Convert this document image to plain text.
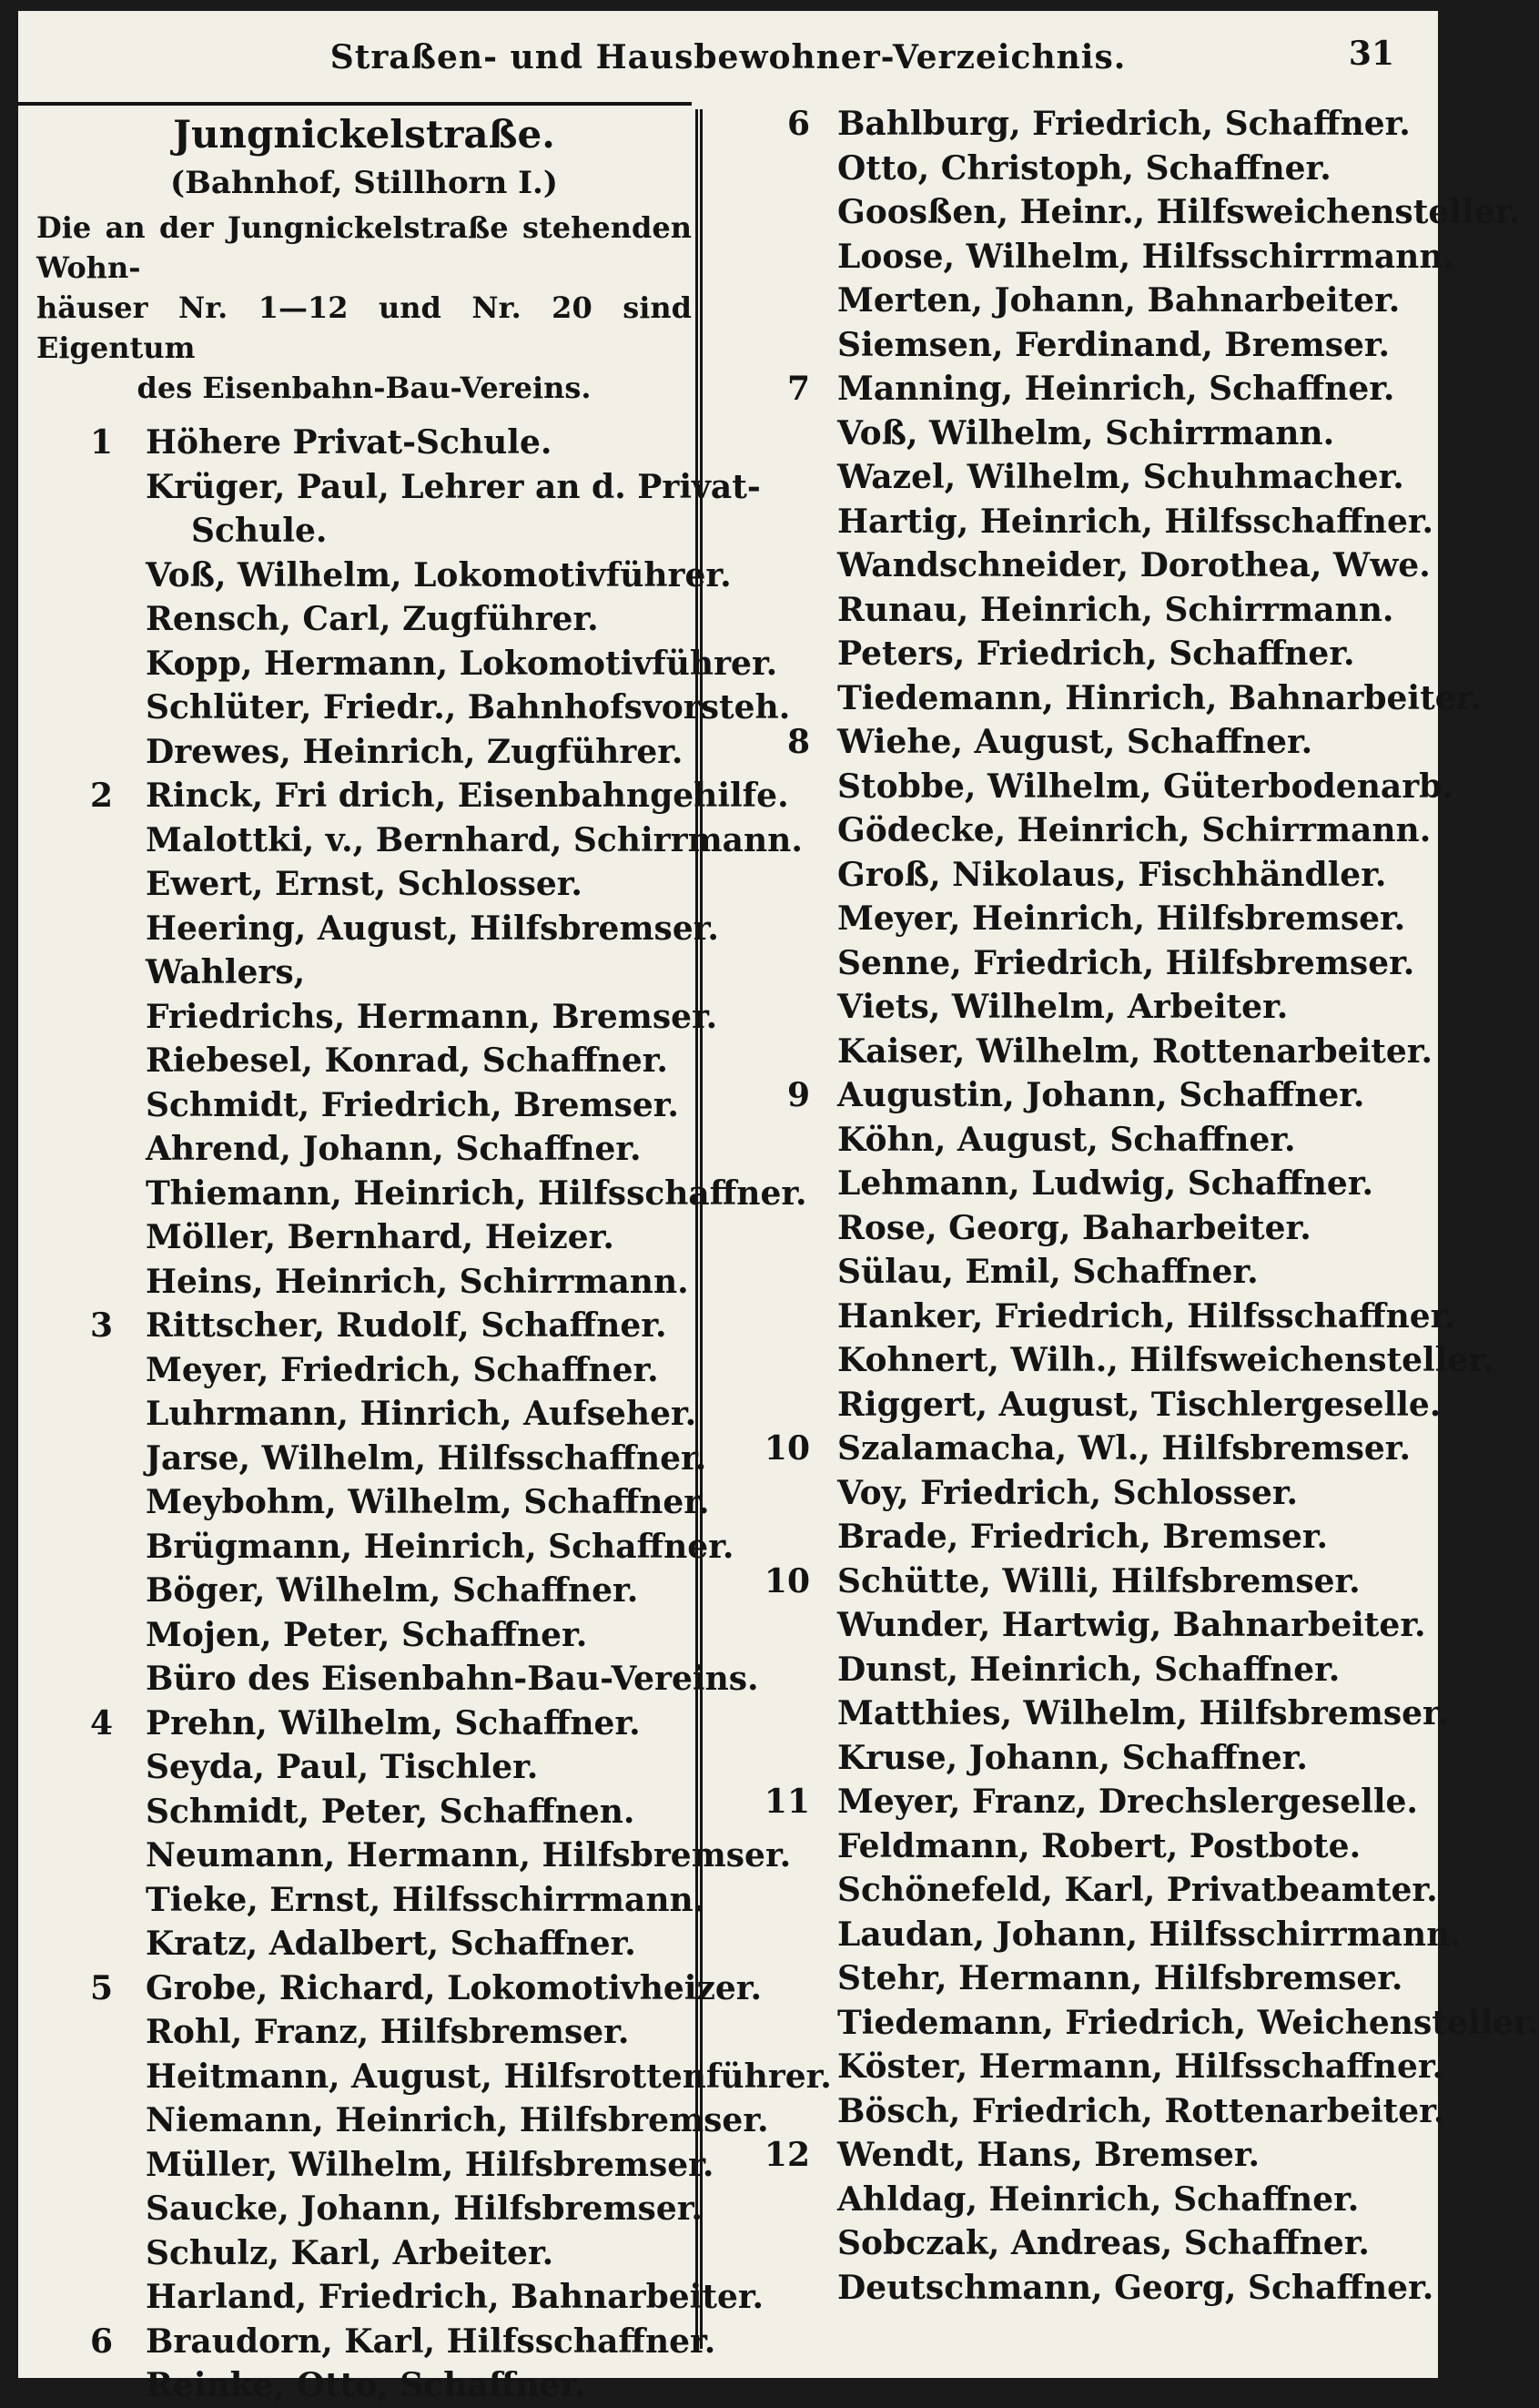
Straßen- und Hausbewohner-Verzeichnis.	31
Jungnickelstraße.
(Bahnhof, Stillhorn I.)
Die an der Jungnickelstraße stehenden Wohn-
häuser Nr. 1—12 und Nr. 20 sind Eigentum
des Eisenbahn-Bau-Vereins.
1 Höhere Privat-Schule.
Krüger, Paul, Lehrer an d. Privat-
Schule.
Voß, Wilhelm, Lokomotivführer.
Rensch, Carl, Zugführer.
Kopp, Hermann, Lokomotivführer.
Schlüter, Friedr., Bahnhofsvorsteh.
Drewes, Heinrich, Zugführer.
2 Rinck, Fri drich, Eisenbahngehilfe.
Malottki, v., Bernhard, Schirrmann.
Ewert, Ernst, Schlosser.
Heering, August, Hilfsbremser.
Wahlers,
Friedrichs, Hermann, Bremser.
Riebesel, Konrad, Schaffner.
Schmidt, Friedrich, Bremser.
Ahrend, Johann, Schaffner.
Thiemann, Heinrich, Hilfsschaffner.
Möller, Bernhard, Heizer.
Heins, Heinrich, Schirrmann.
3 Rittscher, Rudolf, Schaffner.
Meyer, Friedrich, Schaffner.
Luhrmann, Hinrich, Aufseher.
Jarse, Wilhelm, Hilfsschaffner.
Meybohm, Wilhelm, Schaffner.
Brügmann, Heinrich, Schaffner.
Böger, Wilhelm, Schaffner.
Mojen, Peter, Schaffner.
Büro des Eisenbahn-Bau-Vereins.
4 Prehn, Wilhelm, Schaffner.
Seyda, Paul, Tischler.
Schmidt, Peter, Schaffnen.
Neumann, Hermann, Hilfsbremser.
Tieke, Ernst, Hilfsschirrmann.
Kratz, Adalbert, Schaffner.
5 Grobe, Richard, Lokomotivheizer.
Rohl, Franz, Hilfsbremser.
Heitmann, August, Hilfsrottenführer.
Niemann, Heinrich, Hilfsbremser.
Müller, Wilhelm, Hilfsbremser.
Saucke, Johann, Hilfsbremser.
Schulz, Karl, Arbeiter.
Harland, Friedrich, Bahnarbeiter.
6 Braudorn, Karl, Hilfsschaffner.
Reinke, Otto, Schaffner.
6 Bahlburg, Friedrich, Schaffner.
Otto, Christoph, Schaffner.
Goosßen, Heinr., Hilfsweichensteller.
Loose, Wilhelm, Hilfsschirrmann.
Merten, Johann, Bahnarbeiter.
Siemsen, Ferdinand, Bremser.
7 Manning, Heinrich, Schaffner.
Voß, Wilhelm, Schirrmann.
Wazel, Wilhelm, Schuhmacher.
Hartig, Heinrich, Hilfsschaffner.
Wandschneider, Dorothea, Wwe.
Runau, Heinrich, Schirrmann.
Peters, Friedrich, Schaffner.
Tiedemann, Hinrich, Bahnarbeiter.
8 Wiehe, August, Schaffner.
Stobbe, Wilhelm, Güterbodenarb.
Gödecke, Heinrich, Schirrmann.
Groß, Nikolaus, Fischhändler.
Meyer, Heinrich, Hilfsbremser.
Senne, Friedrich, Hilfsbremser.
Viets, Wilhelm, Arbeiter.
Kaiser, Wilhelm, Rottenarbeiter.
9 Augustin, Johann, Schaffner.
Köhn, August, Schaffner.
Lehmann, Ludwig, Schaffner.
Rose, Georg, Baharbeiter.
Sülau, Emil, Schaffner.
Hanker, Friedrich, Hilfsschaffner.
Kohnert, Wilh., Hilfsweichensteller.
Riggert, August, Tischlergeselle.
10 Szalamacha, Wl., Hilfsbremser.
Voy, Friedrich, Schlosser.
Brade, Friedrich, Bremser.
10 Schütte, Willi, Hilfsbremser.
Wunder, Hartwig, Bahnarbeiter.
Dunst, Heinrich, Schaffner.
Matthies, Wilhelm, Hilfsbremser.
Kruse, Johann, Schaffner.
11 Meyer, Franz, Drechslergeselle.
Feldmann, Robert, Postbote.
Schönefeld, Karl, Privatbeamter.
Laudan, Johann, Hilfsschirrmann.
Stehr, Hermann, Hilfsbremser.
Tiedemann, Friedrich, Weichensteller.
Köster, Hermann, Hilfsschaffner.
Bösch, Friedrich, Rottenarbeiter.
12 Wendt, Hans, Bremser.
Ahldag, Heinrich, Schaffner.
Sobczak, Andreas, Schaffner.
Deutschmann, Georg, Schaffner.
